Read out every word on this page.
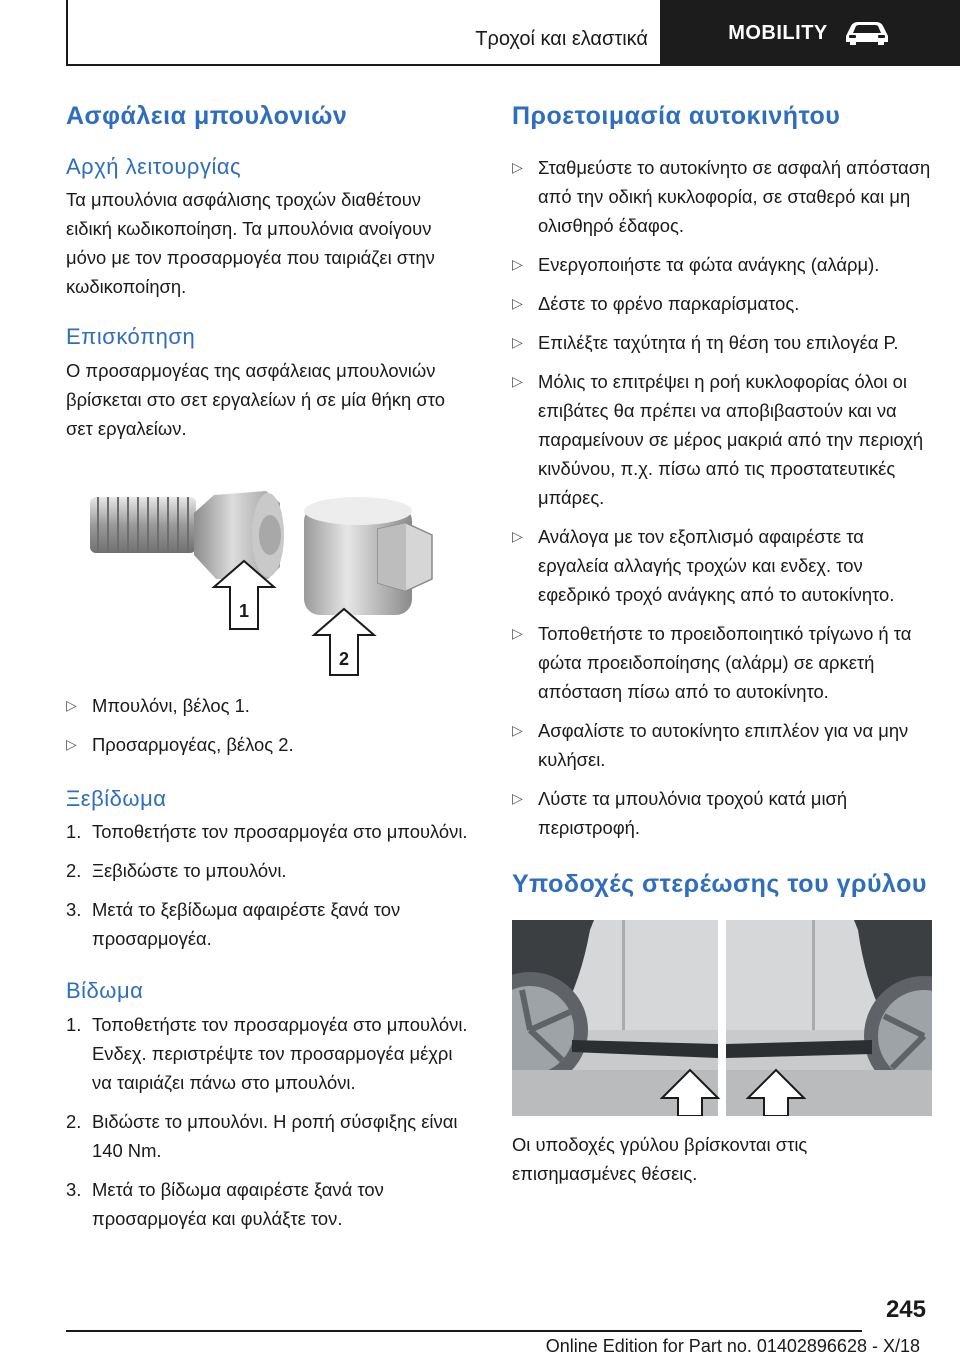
Τροχοί και ελαστικά	MOBILITY
Ασφάλεια μπουλονιών
Αρχή λειτουργίας

Τα μπουλόνια ασφάλισης τροχών διαθέτουν ειδική κωδικοποίηση. Τα μπουλόνια ανοίγουν μόνο με τον προσαρμογέα που ταιριάζει στην κωδικοποίηση.

Επισκόπηση

Ο προσαρμογέας της ασφάλειας μπουλονιών βρίσκεται στο σετ εργαλείων ή σε μία θήκη στο σετ εργαλείων.

1
2
▷ Μπουλόνι, βέλος 1.
▷ Προσαρμογέας, βέλος 2.
Ξεβίδωμα
1. Τοποθετήστε τον προσαρμογέα στο μπουλόνι.
2. Ξεβιδώστε το μπουλόνι.
3. Μετά το ξεβίδωμα αφαιρέστε ξανά τον προσαρμογέα.
Βίδωμα
1. Τοποθετήστε τον προσαρμογέα στο μπουλόνι. Ενδεχ. περιστρέψτε τον προσαρμογέα μέχρι να ταιριάζει πάνω στο μπουλόνι.
2. Βιδώστε το μπουλόνι. Η ροπή σύσφιξης είναι 140 Nm.
3. Μετά το βίδωμα αφαιρέστε ξανά τον προσαρμογέα και φυλάξτε τον.
Προετοιμασία αυτοκινήτου
▷ Σταθμεύστε το αυτοκίνητο σε ασφαλή απόσταση από την οδική κυκλοφορία, σε σταθερό και μη ολισθηρό έδαφος.
▷ Ενεργοποιήστε τα φώτα ανάγκης (αλάρμ).
▷ Δέστε το φρένο παρκαρίσματος.
▷ Επιλέξτε ταχύτητα ή τη θέση του επιλογέα P.
▷ Μόλις το επιτρέψει η ροή κυκλοφορίας όλοι οι επιβάτες θα πρέπει να αποβιβαστούν και να παραμείνουν σε μέρος μακριά από την περιοχή κινδύνου, π.χ. πίσω από τις προστατευτικές μπάρες.
▷ Ανάλογα με τον εξοπλισμό αφαιρέστε τα εργαλεία αλλαγής τροχών και ενδεχ. τον εφεδρικό τροχό ανάγκης από το αυτοκίνητο.
▷ Τοποθετήστε το προειδοποιητικό τρίγωνο ή τα φώτα προειδοποίησης (αλάρμ) σε αρκετή απόσταση πίσω από το αυτοκίνητο.
▷ Ασφαλίστε το αυτοκίνητο επιπλέον για να μην κυλήσει.
▷ Λύστε τα μπουλόνια τροχού κατά μισή περιστροφή.
Υποδοχές στερέωσης του γρύλου

Οι υποδοχές γρύλου βρίσκονται στις επισημασμένες θέσεις.

245
Online Edition for Part no. 01402896628 - X/18
